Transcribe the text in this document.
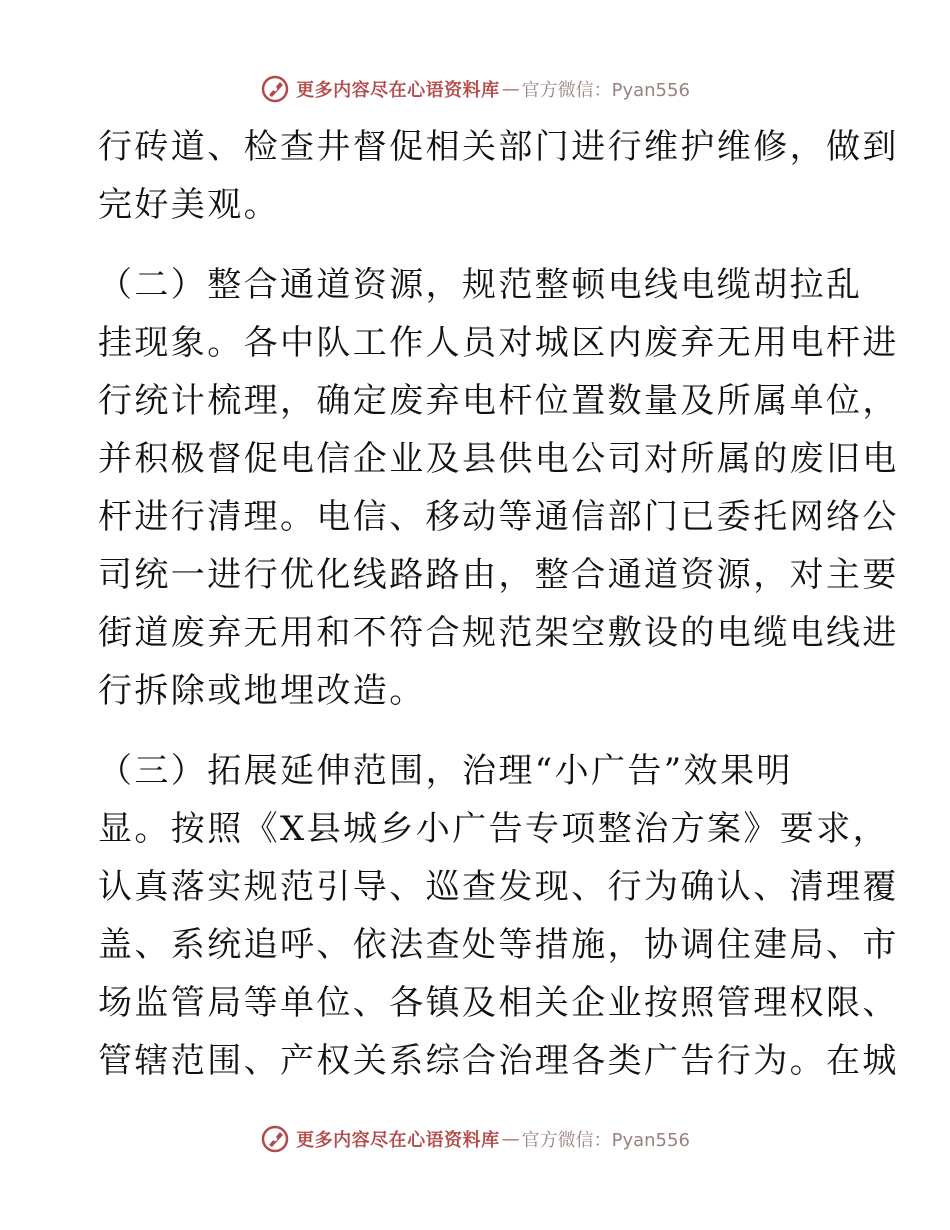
更多内容尽在心语资料库 — 官方微信：Pyan556
行砖道、检查井督促相关部门进行维护维修，做到
完好美观。
（二）整合通道资源，规范整顿电线电缆胡拉乱
挂现象。各中队工作人员对城区内废弃无用电杆进
行统计梳理，确定废弃电杆位置数量及所属单位，
并积极督促电信企业及县供电公司对所属的废旧电
杆进行清理。电信、移动等通信部门已委托网络公
司统一进行优化线路路由，整合通道资源，对主要
街道废弃无用和不符合规范架空敷设的电缆电线进
行拆除或地埋改造。
（三）拓展延伸范围，治理“小广告”效果明
显。按照《X县城乡小广告专项整治方案》要求，
认真落实规范引导、巡查发现、行为确认、清理覆
盖、系统追呼、依法查处等措施，协调住建局、市
场监管局等单位、各镇及相关企业按照管理权限、
管辖范围、产权关系综合治理各类广告行为。在城
更多内容尽在心语资料库 — 官方微信：Pyan556
